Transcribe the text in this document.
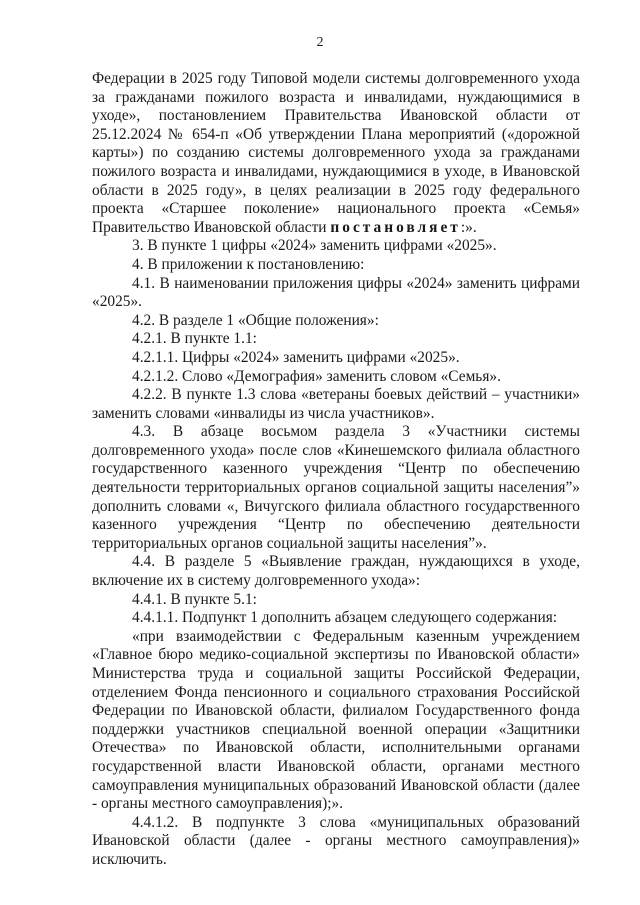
2

Федерации в 2025 году Типовой модели системы долговременного ухода за гражданами пожилого возраста и инвалидами, нуждающимися в уходе», постановлением Правительства Ивановской области от 25.12.2024 № 654-п «Об утверждении Плана мероприятий («дорожной карты») по созданию системы долговременного ухода за гражданами пожилого возраста и инвалидами, нуждающимися в уходе, в Ивановской области в 2025 году», в целях реализации в 2025 году федерального проекта «Старшее поколение» национального проекта «Семья» Правительство Ивановской области постановляет:».

3. В пункте 1 цифры «2024» заменить цифрами «2025».

4. В приложении к постановлению:

4.1. В наименовании приложения цифры «2024» заменить цифрами «2025».

4.2. В разделе 1 «Общие положения»:

4.2.1. В пункте 1.1:

4.2.1.1. Цифры «2024» заменить цифрами «2025».

4.2.1.2. Слово «Демография» заменить словом «Семья».

4.2.2. В пункте 1.3 слова «ветераны боевых действий – участники» заменить словами «инвалиды из числа участников».

4.3. В абзаце восьмом раздела 3 «Участники системы долговременного ухода» после слов «Кинешемского филиала областного государственного казенного учреждения “Центр по обеспечению деятельности территориальных органов социальной защиты населения”» дополнить словами «, Вичугского филиала областного государственного казенного учреждения “Центр по обеспечению деятельности территориальных органов социальной защиты населения”».

4.4. В разделе 5 «Выявление граждан, нуждающихся в уходе, включение их в систему долговременного ухода»:

4.4.1. В пункте 5.1:

4.4.1.1. Подпункт 1 дополнить абзацем следующего содержания:

«при взаимодействии с Федеральным казенным учреждением «Главное бюро медико-социальной экспертизы по Ивановской области» Министерства труда и социальной защиты Российской Федерации, отделением Фонда пенсионного и социального страхования Российской Федерации по Ивановской области, филиалом Государственного фонда поддержки участников специальной военной операции «Защитники Отечества» по Ивановской области, исполнительными органами государственной власти Ивановской области, органами местного самоуправления муниципальных образований Ивановской области (далее - органы местного самоуправления);».

4.4.1.2. В подпункте 3 слова «муниципальных образований Ивановской области (далее - органы местного самоуправления)» исключить.
